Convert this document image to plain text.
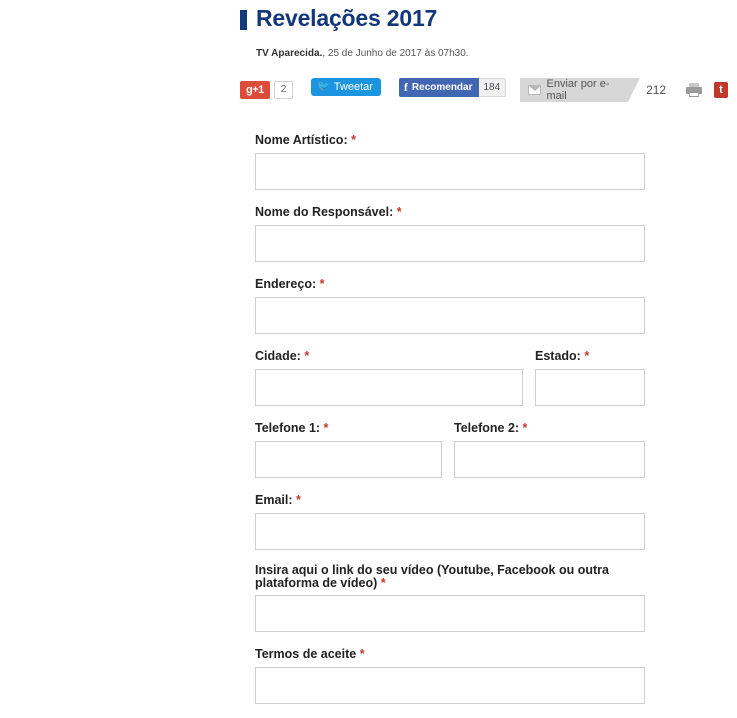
Revelações 2017
TV Aparecida., 25 de Junho de 2017 às 07h30.
g+1	2	🐦 Tweetar	f Recomendar	184	Enviar por e-mail	212	t
Nome Artístico: *
Nome do Responsável: *
Endereço: *
Cidade: *	Estado: *
Telefone 1: *	Telefone 2: *
Email: *
Insira aqui o link do seu vídeo (Youtube, Facebook ou outra plataforma de vídeo) *
Termos de aceite *
